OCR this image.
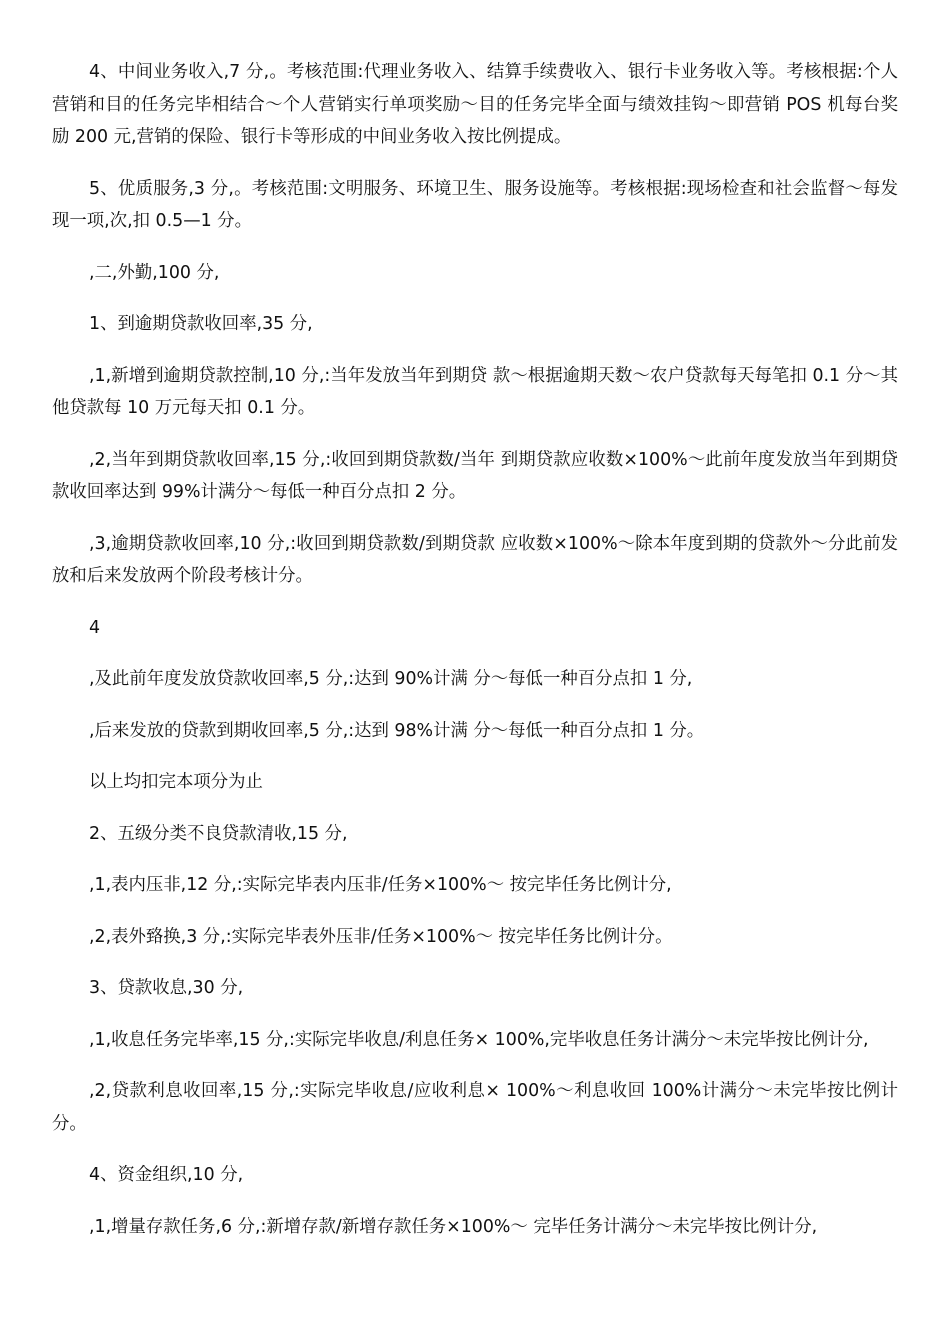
4、中间业务收入,7 分,。考核范围:代理业务收入、结算手续费收入、银行卡业务收入等。考核根据:个人营销和目的任务完毕相结合～个人营销实行单项奖励～目的任务完毕全面与绩效挂钩～即营销 POS 机每台奖励 200 元,营销的保险、银行卡等形成的中间业务收入按比例提成。

5、优质服务,3 分,。考核范围:文明服务、环境卫生、服务设施等。考核根据:现场检查和社会监督～每发现一项,次,扣 0.5—1 分。

,二,外勤,100 分,

1、到逾期贷款收回率,35 分,

,1,新增到逾期贷款控制,10 分,:当年发放当年到期贷 款～根据逾期天数～农户贷款每天每笔扣 0.1 分～其他贷款每 10 万元每天扣 0.1 分。

,2,当年到期贷款收回率,15 分,:收回到期贷款数/当年 到期贷款应收数×100%～此前年度发放当年到期贷款收回率达到 99%计满分～每低一种百分点扣 2 分。

,3,逾期贷款收回率,10 分,:收回到期贷款数/到期贷款 应收数×100%～除本年度到期的贷款外～分此前发放和后来发放两个阶段考核计分。

4

,及此前年度发放贷款收回率,5 分,:达到 90%计满 分～每低一种百分点扣 1 分,

,后来发放的贷款到期收回率,5 分,:达到 98%计满 分～每低一种百分点扣 1 分。

以上均扣完本项分为止

2、五级分类不良贷款清收,15 分,

,1,表内压非,12 分,:实际完毕表内压非/任务×100%～ 按完毕任务比例计分,

,2,表外臵换,3 分,:实际完毕表外压非/任务×100%～ 按完毕任务比例计分。

3、贷款收息,30 分,

,1,收息任务完毕率,15 分,:实际完毕收息/利息任务× 100%,完毕收息任务计满分～未完毕按比例计分,

,2,贷款利息收回率,15 分,:实际完毕收息/应收利息× 100%～利息收回 100%计满分～未完毕按比例计分。

4、资金组织,10 分,

,1,增量存款任务,6 分,:新增存款/新增存款任务×100%～ 完毕任务计满分～未完毕按比例计分,
